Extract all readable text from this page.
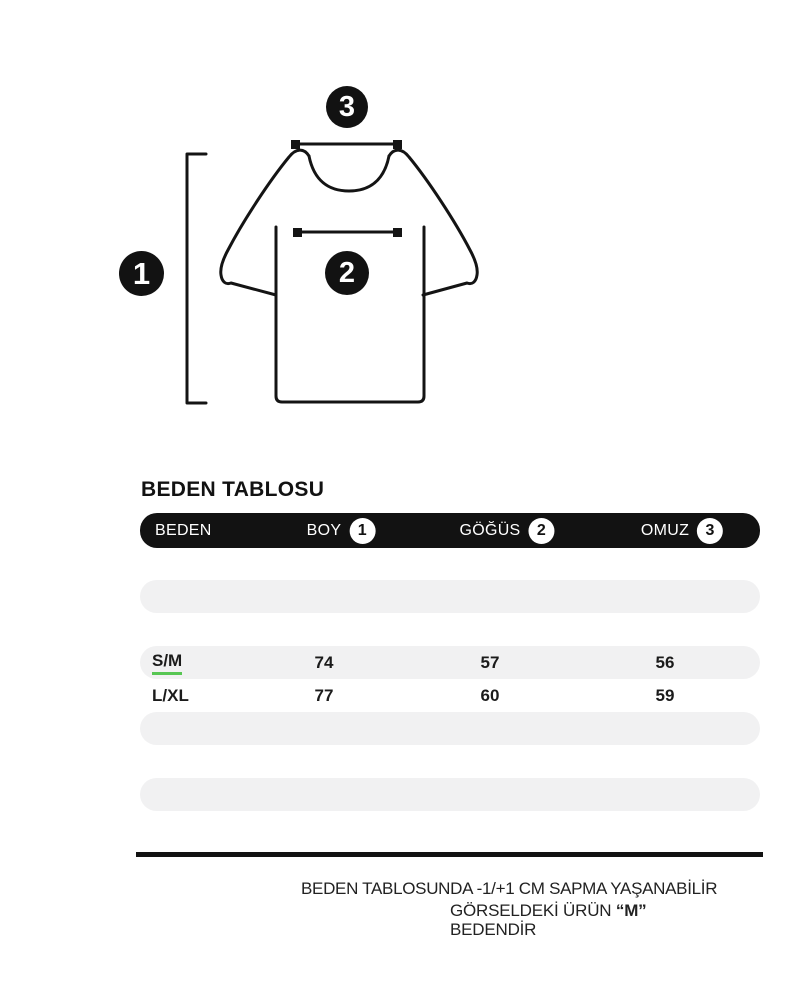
3
1	2
BEDEN TABLOSU
BEDEN	BOY	1	GÖĞÜS	2	OMUZ	3
S/M	74	57	56
L/XL	77	60	59
BEDEN TABLOSUNDA -1/+1 CM SAPMA YAŞANABİLİR
GÖRSELDEKİ ÜRÜN “M”
BEDENDİR
